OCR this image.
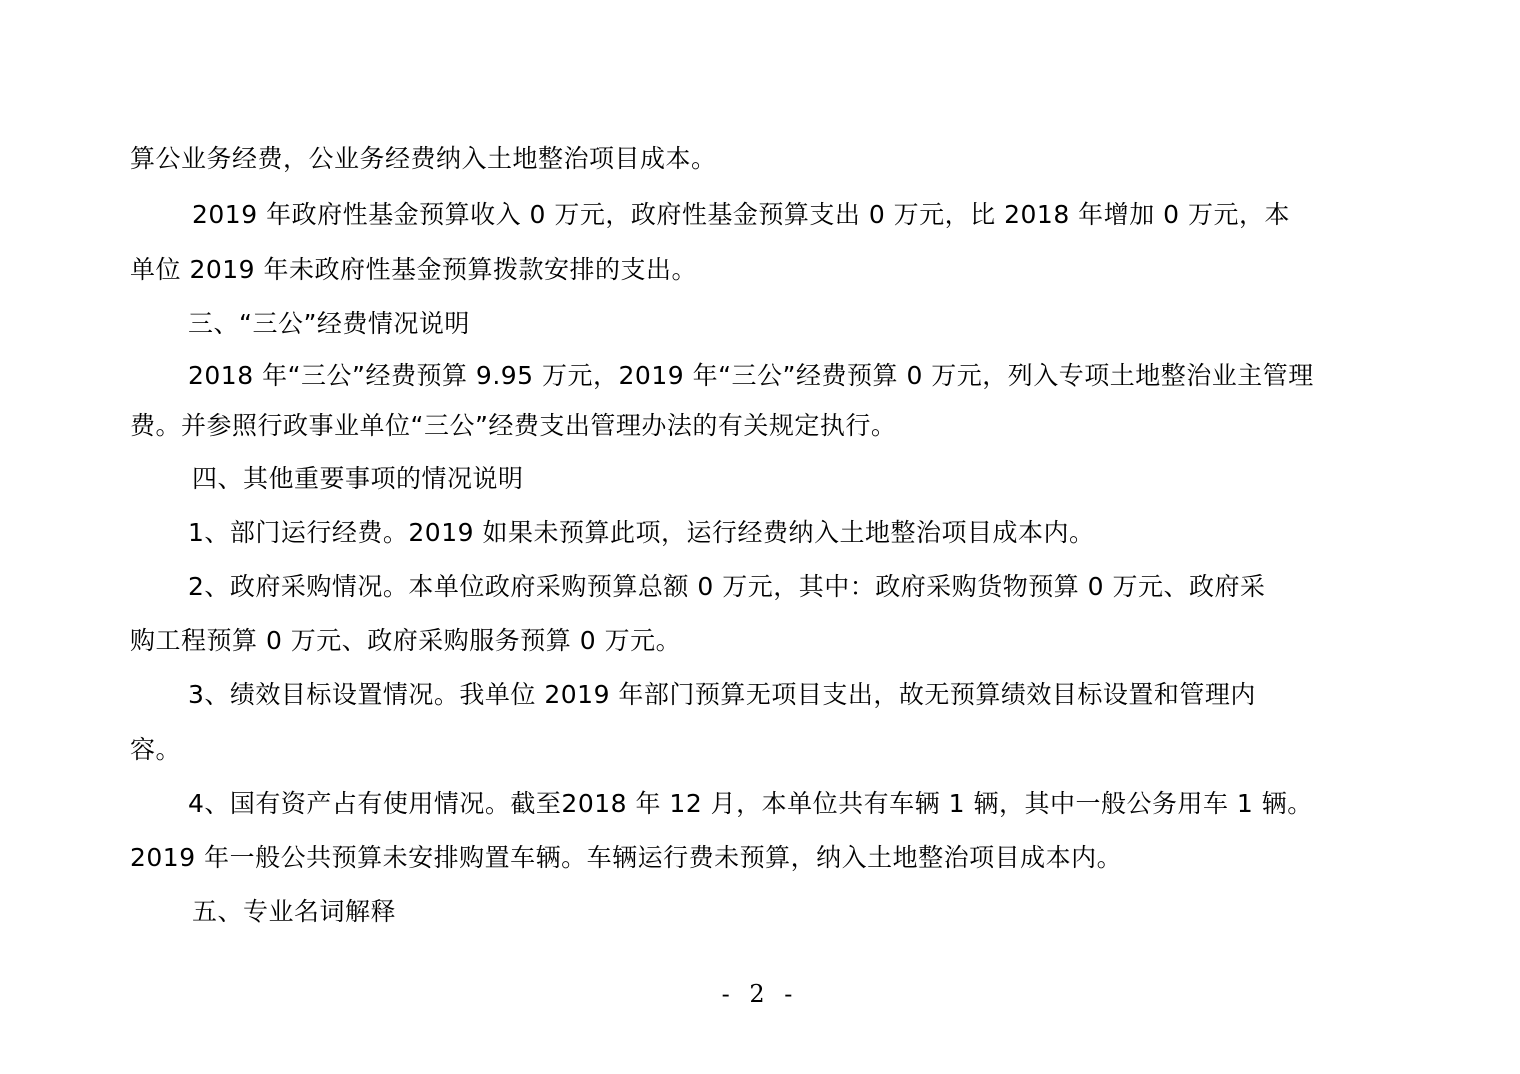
算公业务经费，公业务经费纳入土地整治项目成本。
2019 年政府性基金预算收入 0 万元，政府性基金预算支出 0 万元，比 2018 年增加 0 万元，本
单位 2019 年未政府性基金预算拨款安排的支出。
三、“三公”经费情况说明
2018 年“三公”经费预算 9.95 万元，2019 年“三公”经费预算 0 万元，列入专项土地整治业主管理
费。并参照行政事业单位“三公”经费支出管理办法的有关规定执行。
四、其他重要事项的情况说明
1、部门运行经费。2019 如果未预算此项，运行经费纳入土地整治项目成本内。
2、政府采购情况。本单位政府采购预算总额 0 万元，其中：政府采购货物预算 0 万元、政府采
购工程预算 0 万元、政府采购服务预算 0 万元。
3、绩效目标设置情况。我单位 2019 年部门预算无项目支出，故无预算绩效目标设置和管理内
容。
4、国有资产占有使用情况。截至2018 年 12 月，本单位共有车辆 1 辆，其中一般公务用车 1 辆。
2019 年一般公共预算未安排购置车辆。车辆运行费未预算，纳入土地整治项目成本内。
五、专业名词解释
- 2 -
